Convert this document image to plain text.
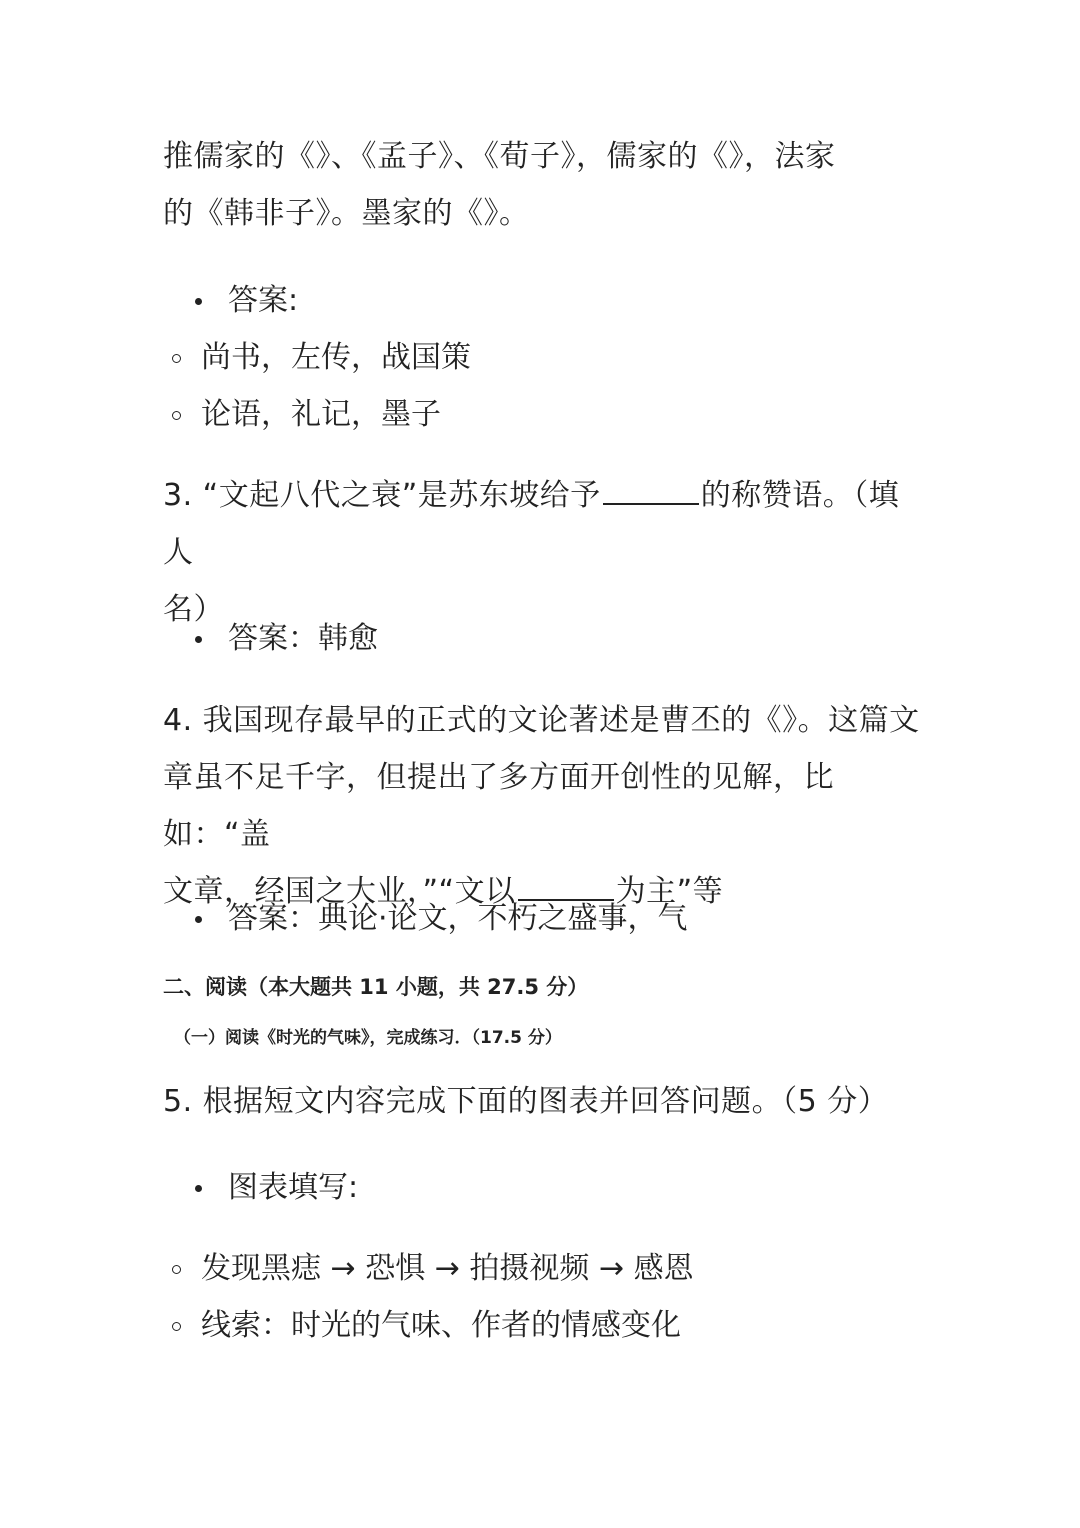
推儒家的《》、《孟子》、《荀子》，儒家的《》，法家

的《韩非子》。墨家的《》。

答案:
尚书，左传，战国策
论语，礼记，墨子

3. “文起八代之衰”是苏东坡给予	的称赞语。（填人

名）

答案：韩愈

4. 我国现存最早的正式的文论著述是曹丕的《》。这篇文

章虽不足千字，但提出了多方面开创性的见解，比如：“盖

文章，经国之大业，”“文以	为主”等

答案：典论·论文，不朽之盛事，气
二、阅读（本大题共 11 小题，共 27.5 分）
（一）阅读《时光的气味》，完成练习．（17.5 分）

5. 根据短文内容完成下面的图表并回答问题。（5 分）

图表填写:
发现黑痣 → 恐惧 → 拍摄视频 → 感恩
线索：时光的气味、作者的情感变化
